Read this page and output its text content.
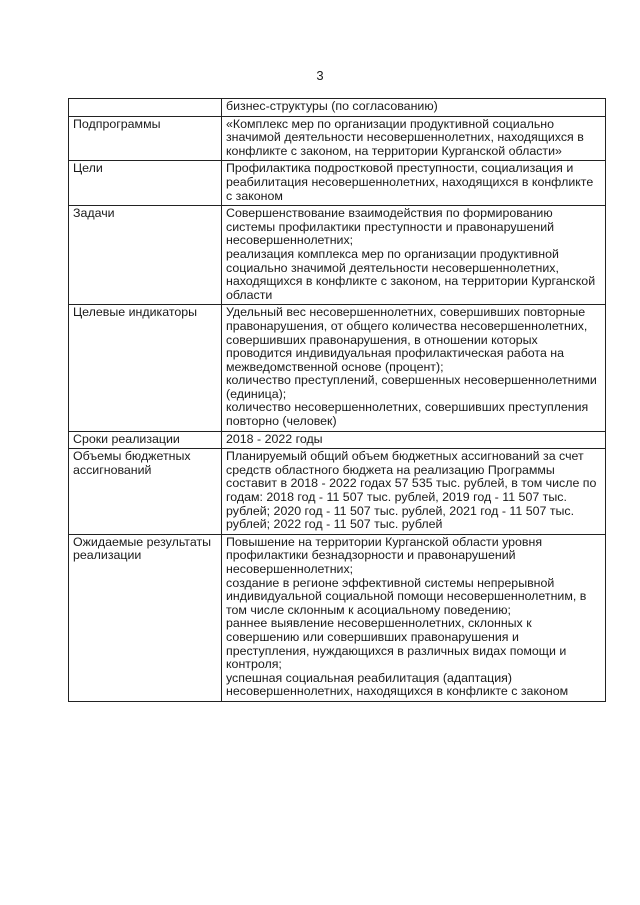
3

	бизнес-структуры (по согласованию)

Подпрограммы	«Комплекс мер по организации продуктивной социально значимой деятельности несовершеннолетних, находящихся в конфликте с законом, на территории Курганской области»

Цели	Профилактика подростковой преступности, социализация и реабилитация несовершеннолетних, находящихся в конфликте с законом

Задачи	Совершенствование взаимодействия по формированию системы профилактики преступности и правонарушений несовершеннолетних;
реализация комплекса мер по организации продуктивной социально значимой деятельности несовершеннолетних, находящихся в конфликте с законом, на территории Курганской области

Целевые индикаторы	Удельный вес несовершеннолетних, совершивших повторные правонарушения, от общего количества несовершеннолетних, совершивших правонарушения, в отношении которых проводится индивидуальная профилактическая работа на межведомственной основе (процент);
количество преступлений, совершенных несовершеннолетними (единица);
количество несовершеннолетних, совершивших преступления повторно (человек)

Сроки реализации	2018 - 2022 годы

Объемы бюджетных ассигнований	Планируемый общий объем бюджетных ассигнований за счет средств областного бюджета на реализацию Программы составит в 2018 - 2022 годах 57 535 тыс. рублей, в том числе по годам: 2018 год - 11 507 тыс. рублей, 2019 год - 11 507 тыс. рублей; 2020 год - 11 507 тыс. рублей, 2021 год - 11 507 тыс. рублей; 2022 год - 11 507 тыс. рублей

Ожидаемые результаты реализации	Повышение на территории Курганской области уровня профилактики безнадзорности и правонарушений несовершеннолетних;
создание в регионе эффективной системы непрерывной индивидуальной социальной помощи несовершеннолетним, в том числе склонным к асоциальному поведению;
раннее выявление несовершеннолетних, склонных к совершению или совершивших правонарушения и преступления, нуждающихся в различных видах помощи и контроля;
успешная социальная реабилитация (адаптация) несовершеннолетних, находящихся в конфликте с законом
